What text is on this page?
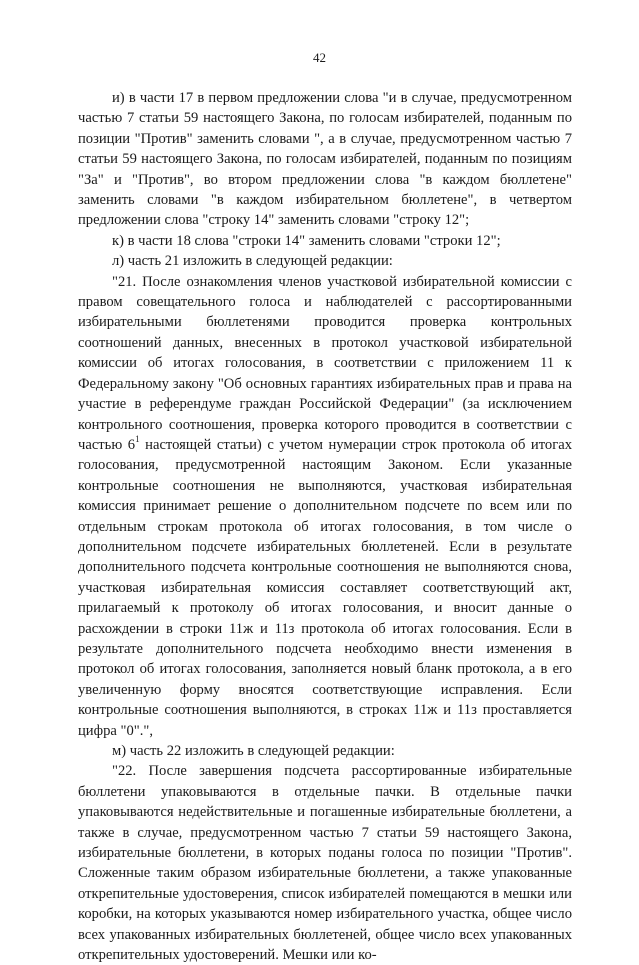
42

и) в части 17 в первом предложении слова "и в случае, предусмотренном частью 7 статьи 59 настоящего Закона, по голосам избирателей, поданным по позиции "Против" заменить словами ", а в случае, предусмотренном частью 7 статьи 59 настоящего Закона, по голосам избирателей, поданным по позициям "За" и "Против", во втором предложении слова "в каждом бюллетене" заменить словами "в каждом избирательном бюллетене", в четвертом предложении слова "строку 14" заменить словами "строку 12";

к) в части 18 слова "строки 14" заменить словами "строки 12";

л) часть 21 изложить в следующей редакции:

"21. После ознакомления членов участковой избирательной комиссии с правом совещательного голоса и наблюдателей с рассортированными избирательными бюллетенями проводится проверка контрольных соотношений данных, внесенных в протокол участковой избирательной комиссии об итогах голосования, в соответствии с приложением 11 к Федеральному закону "Об основных гарантиях избирательных прав и права на участие в референдуме граждан Российской Федерации" (за исключением контрольного соотношения, проверка которого проводится в соответствии с частью $6^1$ настоящей статьи) с учетом нумерации строк протокола об итогах голосования, предусмотренной настоящим Законом. Если указанные контрольные соотношения не выполняются, участковая избирательная комиссия принимает решение о дополнительном подсчете по всем или по отдельным строкам протокола об итогах голосования, в том числе о дополнительном подсчете избирательных бюллетеней. Если в результате дополнительного подсчета контрольные соотношения не выполняются снова, участковая избирательная комиссия составляет соответствующий акт, прилагаемый к протоколу об итогах голосования, и вносит данные о расхождении в строки 11ж и 11з протокола об итогах голосования. Если в результате дополнительного подсчета необходимо внести изменения в протокол об итогах голосования, заполняется новый бланк протокола, а в его увеличенную форму вносятся соответствующие исправления. Если контрольные соотношения выполняются, в строках 11ж и 11з проставляется цифра "0".",

м) часть 22 изложить в следующей редакции:

"22. После завершения подсчета рассортированные избирательные бюллетени упаковываются в отдельные пачки. В отдельные пачки упаковываются недействительные и погашенные избирательные бюллетени, а также в случае, предусмотренном частью 7 статьи 59 настоящего Закона, избирательные бюллетени, в которых поданы голоса по позиции "Против". Сложенные таким образом избирательные бюллетени, а также упакованные открепительные удостоверения, список избирателей помещаются в мешки или коробки, на которых указываются номер избирательного участка, общее число всех упакованных избирательных бюллетеней, общее число всех упакованных открепительных удостоверений. Мешки или ко-
